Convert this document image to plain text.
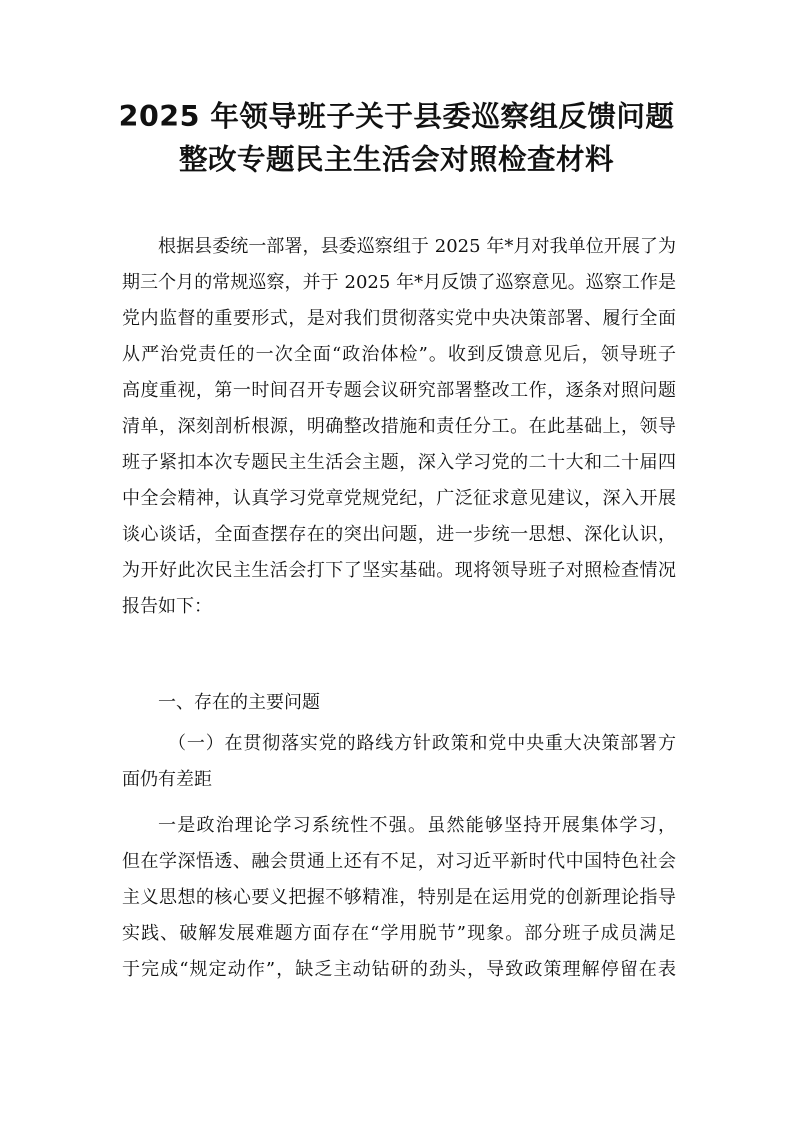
2025 年领导班子关于县委巡察组反馈问题
整改专题民主生活会对照检查材料
根据县委统一部署，县委巡察组于 2025 年*月对我单位开展了为
期三个月的常规巡察，并于 2025 年*月反馈了巡察意见。巡察工作是
党内监督的重要形式，是对我们贯彻落实党中央决策部署、履行全面
从严治党责任的一次全面“政治体检”。收到反馈意见后，领导班子
高度重视，第一时间召开专题会议研究部署整改工作，逐条对照问题
清单，深刻剖析根源，明确整改措施和责任分工。在此基础上，领导
班子紧扣本次专题民主生活会主题，深入学习党的二十大和二十届四
中全会精神，认真学习党章党规党纪，广泛征求意见建议，深入开展
谈心谈话，全面查摆存在的突出问题，进一步统一思想、深化认识，
为开好此次民主生活会打下了坚实基础。现将领导班子对照检查情况
报告如下：
一、存在的主要问题
（一）在贯彻落实党的路线方针政策和党中央重大决策部署方
面仍有差距
一是政治理论学习系统性不强。虽然能够坚持开展集体学习，
但在学深悟透、融会贯通上还有不足，对习近平新时代中国特色社会
主义思想的核心要义把握不够精准，特别是在运用党的创新理论指导
实践、破解发展难题方面存在“学用脱节”现象。部分班子成员满足
于完成“规定动作”，缺乏主动钻研的劲头，导致政策理解停留在表
